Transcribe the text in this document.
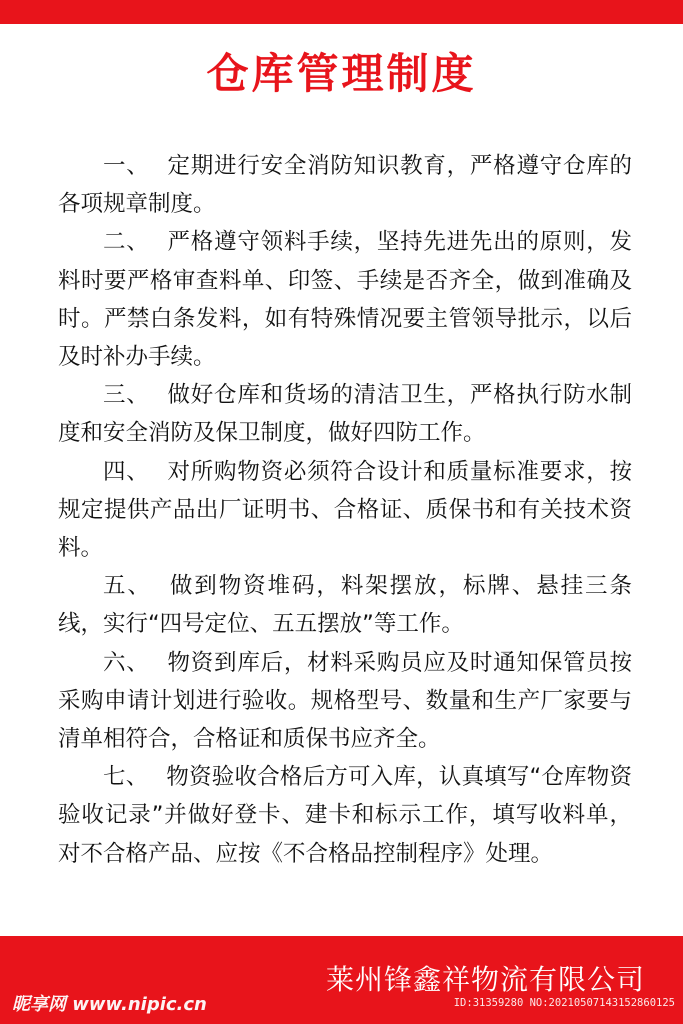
仓库管理制度

一、 定期进行安全消防知识教育，严格遵守仓库的各项规章制度。

二、 严格遵守领料手续，坚持先进先出的原则，发料时要严格审查料单、印签、手续是否齐全，做到准确及时。严禁白条发料，如有特殊情况要主管领导批示，以后及时补办手续。

三、 做好仓库和货场的清洁卫生，严格执行防水制度和安全消防及保卫制度，做好四防工作。

四、 对所购物资必须符合设计和质量标准要求，按规定提供产品出厂证明书、合格证、质保书和有关技术资料。

五、 做到物资堆码，料架摆放，标牌、悬挂三条线，实行“四号定位、五五摆放”等工作。

六、 物资到库后，材料采购员应及时通知保管员按采购申请计划进行验收。规格型号、数量和生产厂家要与清单相符合，合格证和质保书应齐全。

七、 物资验收合格后方可入库，认真填写“仓库物资验收记录”并做好登卡、建卡和标示工作，填写收料单，对不合格产品、应按《不合格品控制程序》处理。

莱州锋鑫祥物流有限公司
昵享网 www.nipic.cn	ID:31359280 NO:20210507143152860125
